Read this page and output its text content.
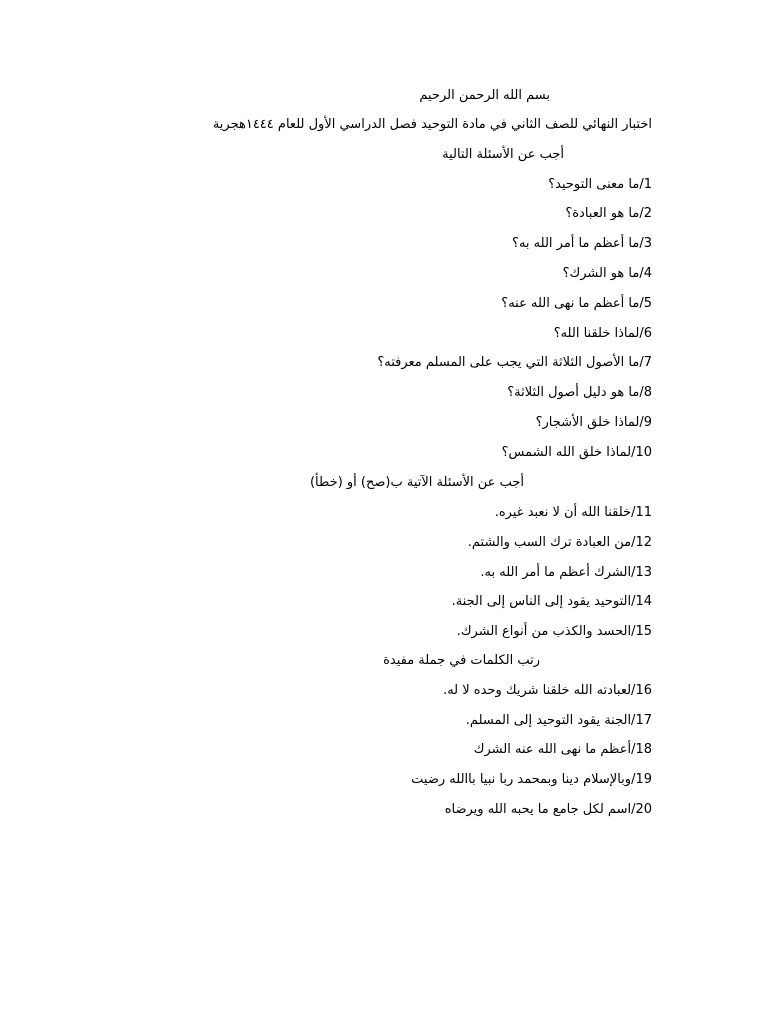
بسم الله الرحمن الرحيم
اختبار النهائي للصف الثاني في مادة التوحيد فصل الدراسي الأول للعام ١٤٤٤هجرية
أجب عن الأسئلة التالية
1/ما معنى التوحيد؟
2/ما هو العبادة؟
3/ما أعظم ما أمر الله به؟
4/ما هو الشرك؟
5/ما أعظم ما نهى الله عنه؟
6/لماذا خلقنا الله؟
7/ما الأصول الثلاثة التي يجب على المسلم معرفته؟
8/ما هو دليل أصول الثلاثة؟
9/لماذا خلق الأشجار؟
10/لماذا خلق الله الشمس؟
أجب عن الأسئلة الآتية ب(صح) أو (خطأ)
11/خلقنا الله أن لا نعبد غيره.
12/من العبادة ترك السب والشتم.
13/الشرك أعظم ما أمر الله به.
14/التوحيد يقود إلى الناس إلى الجنة.
15/الحسد والكذب من أنواع الشرك.
رتب الكلمات في جملة مفيدة
16/لعبادته الله خلقنا شريك وحده لا له.
17/الجنة يقود التوحيد إلى المسلم.
18/أعظم ما نهى الله عنه الشرك
19/وبالإسلام دينا وبمحمد ربا نبيا باالله رضيت
20/اسم لكل جامع ما يحبه الله ويرضاه
